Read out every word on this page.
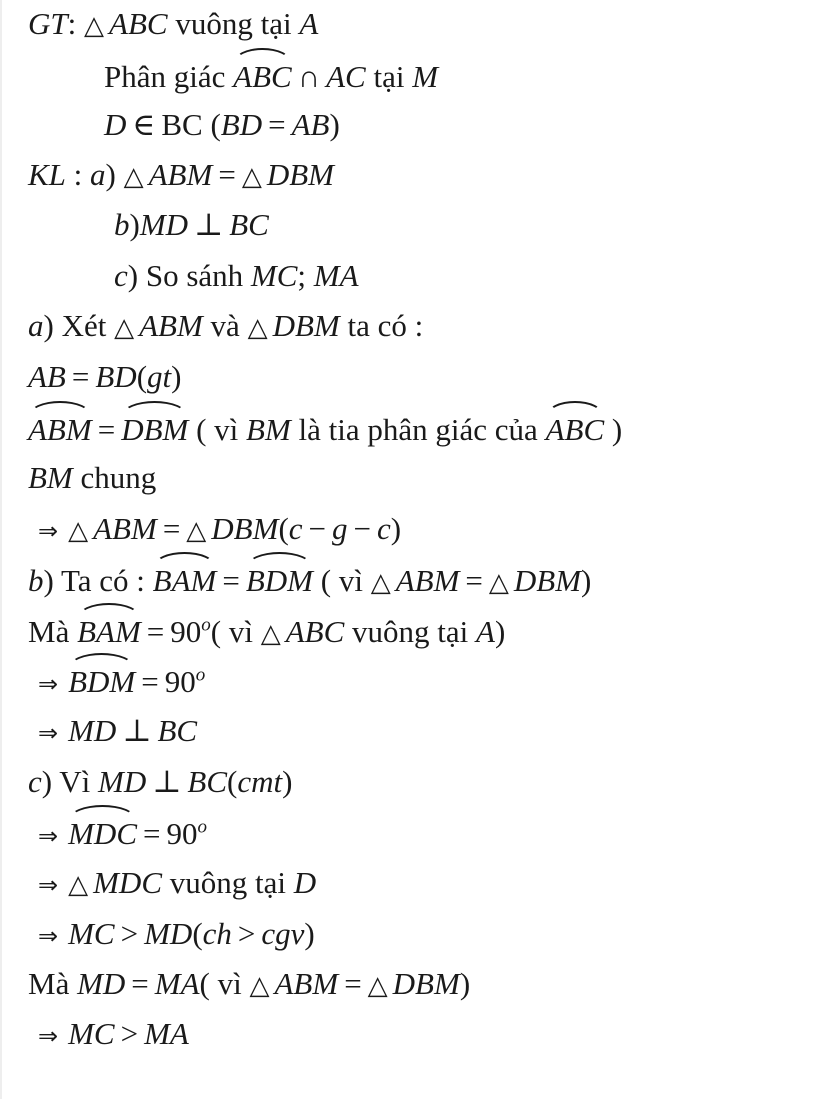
GT: △ ABC vuông tại A
Phân giác ABC ∩ AC tại M
D ∈ BC (BD = AB)
KL : a) △ ABM = △ DBM
b)MD ⊥ BC
c) So sánh MC; MA
a) Xét △ ABM và △ DBM ta có :
AB = BD(gt)
ABM = DBM ( vì BM là tia phân giác của ABC )
BM chung
⇒ △ ABM = △ DBM(c − g − c)
b) Ta có : BAM = BDM ( vì △ ABM = △ DBM)
Mà BAM = $90^o$( vì △ ABC vuông tại A)
⇒ BDM = $90^o$
⇒ MD ⊥ BC
c) Vì MD ⊥ BC(cmt)
⇒ MDC = $90^o$
⇒ △ MDC vuông tại D
⇒ MC > MD(ch > cgv)
Mà MD = MA( vì △ ABM = △ DBM)
⇒ MC > MA
